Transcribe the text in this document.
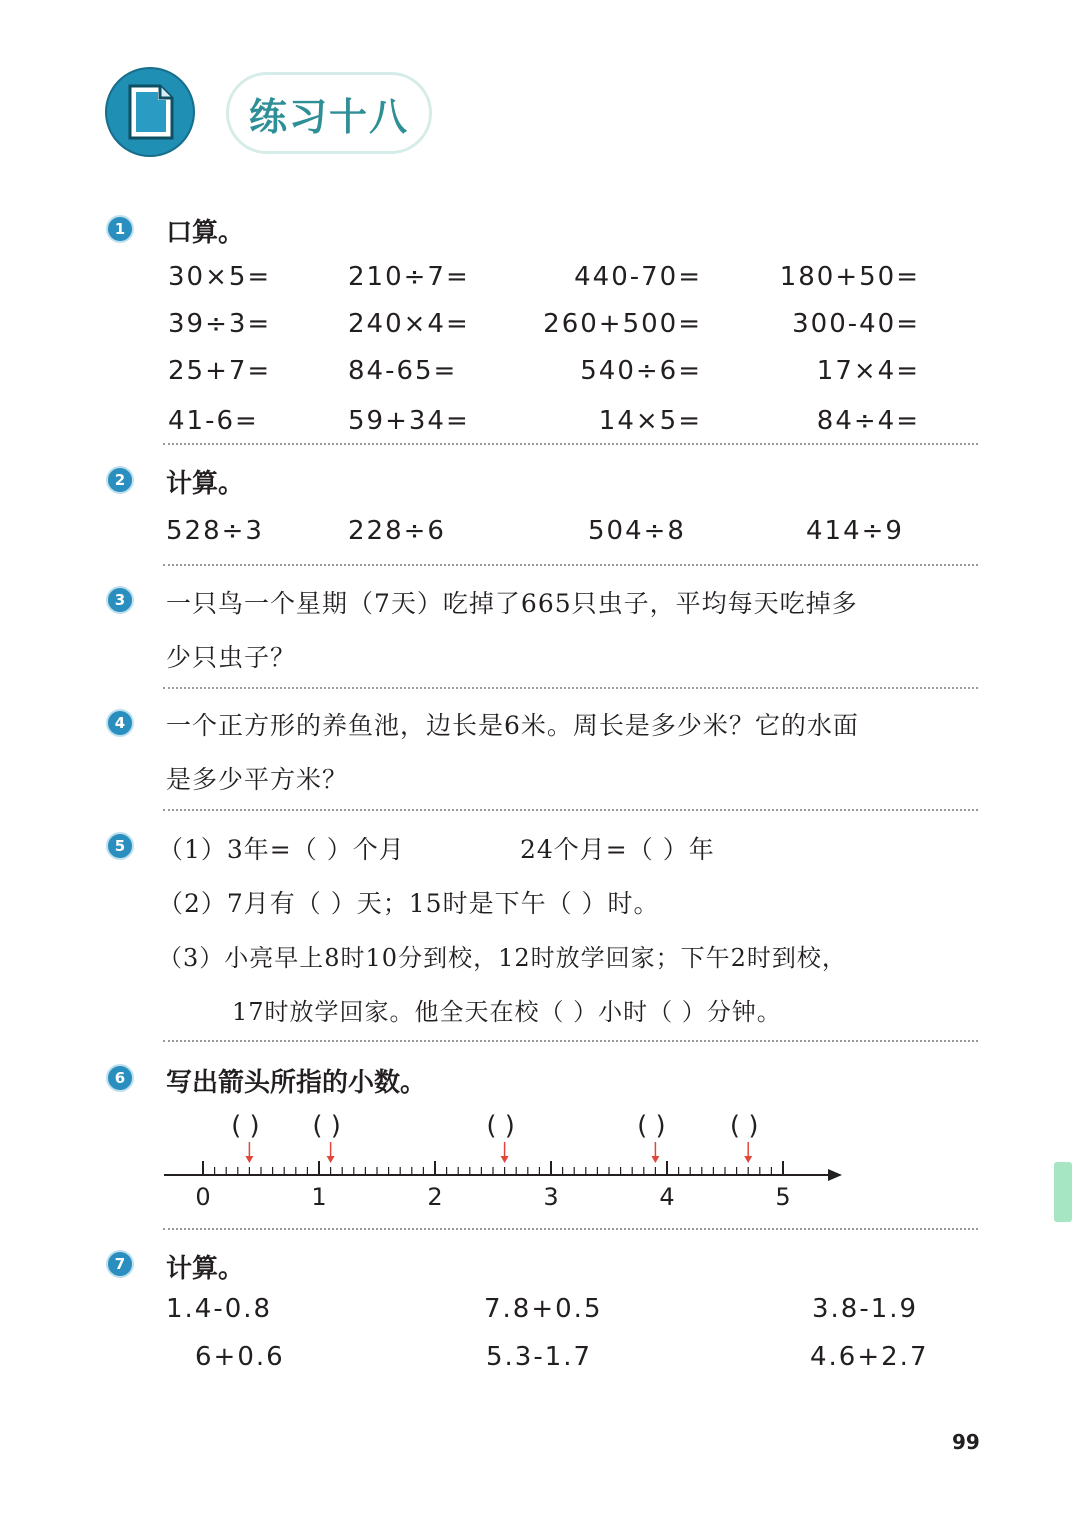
练习十八
1	口算。
30×5=	210÷7=	440-70=	180+50=
39÷3=	240×4=	260+500=	300-40=
25+7=	84-65=	540÷6=	17×4=
41-6=	59+34=	14×5=	84÷4=
2	计算。
528÷3	228÷6	504÷8	414÷9
3	一只鸟一个星期（7天）吃掉了665只虫子，平均每天吃掉多
少只虫子？
4	一个正方形的养鱼池，边长是6米。周长是多少米？它的水面
是多少平方米？
5	（1）3年=（ ）个月	24个月=（ ）年
（2）7月有（ ）天；15时是下午（ ）时。
（3）小亮早上8时10分到校，12时放学回家；下午2时到校，
17时放学回家。他全天在校（ ）小时（ ）分钟。
6	写出箭头所指的小数。
0	1	2	3	4	5
( ) ( )	( )	( ) ( )
7	计算。
1.4-0.8	7.8+0.5	3.8-1.9
6+0.6	5.3-1.7	4.6+2.7
99
